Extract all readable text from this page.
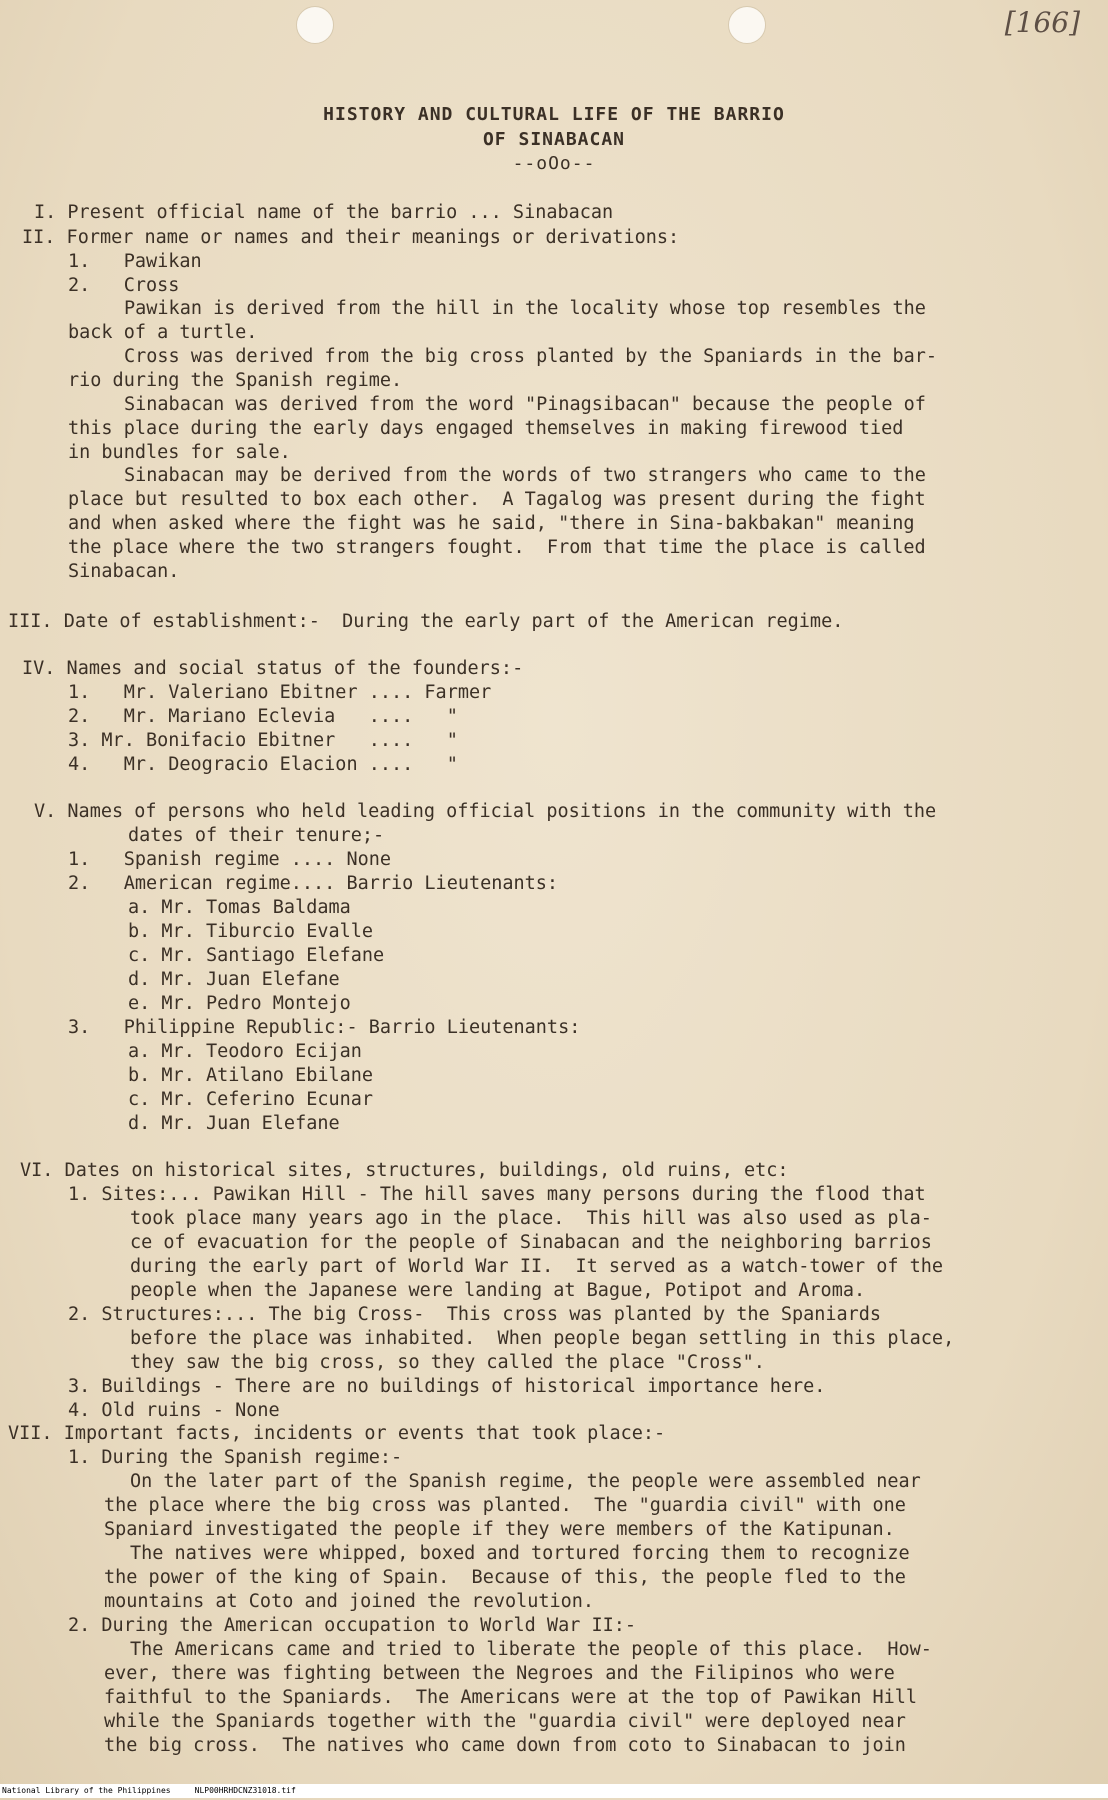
[166]
HISTORY AND CULTURAL LIFE OF THE BARRIO
OF SINABACAN
--oOo--
I. Present official name of the barrio ... Sinabacan
II. Former name or names and their meanings or derivations:
1.   Pawikan
2.   Cross
Pawikan is derived from the hill in the locality whose top resembles the
back of a turtle.
Cross was derived from the big cross planted by the Spaniards in the bar-
rio during the Spanish regime.
Sinabacan was derived from the word "Pinagsibacan" because the people of
this place during the early days engaged themselves in making firewood tied
in bundles for sale.
Sinabacan may be derived from the words of two strangers who came to the
place but resulted to box each other.  A Tagalog was present during the fight
and when asked where the fight was he said, "there in Sina-bakbakan" meaning
the place where the two strangers fought.  From that time the place is called
Sinabacan.
III. Date of establishment:-  During the early part of the American regime.
IV. Names and social status of the founders:-
1.   Mr. Valeriano Ebitner .... Farmer
2.   Mr. Mariano Eclevia   ....   "
3. Mr. Bonifacio Ebitner   ....   "
4.   Mr. Deogracio Elacion ....   "
V. Names of persons who held leading official positions in the community with the
dates of their tenure;-
1.   Spanish regime .... None
2.   American regime.... Barrio Lieutenants:
a. Mr. Tomas Baldama
b. Mr. Tiburcio Evalle
c. Mr. Santiago Elefane
d. Mr. Juan Elefane
e. Mr. Pedro Montejo
3.   Philippine Republic:- Barrio Lieutenants:
a. Mr. Teodoro Ecijan
b. Mr. Atilano Ebilane
c. Mr. Ceferino Ecunar
d. Mr. Juan Elefane
VI. Dates on historical sites, structures, buildings, old ruins, etc:
1. Sites:... Pawikan Hill - The hill saves many persons during the flood that
took place many years ago in the place.  This hill was also used as pla-
ce of evacuation for the people of Sinabacan and the neighboring barrios
during the early part of World War II.  It served as a watch-tower of the
people when the Japanese were landing at Bague, Potipot and Aroma.
2. Structures:... The big Cross-  This cross was planted by the Spaniards
before the place was inhabited.  When people began settling in this place,
they saw the big cross, so they called the place "Cross".
3. Buildings - There are no buildings of historical importance here.
4. Old ruins - None
VII. Important facts, incidents or events that took place:-
1. During the Spanish regime:-
On the later part of the Spanish regime, the people were assembled near
the place where the big cross was planted.  The "guardia civil" with one
Spaniard investigated the people if they were members of the Katipunan.
The natives were whipped, boxed and tortured forcing them to recognize
the power of the king of Spain.  Because of this, the people fled to the
mountains at Coto and joined the revolution.
2. During the American occupation to World War II:-
The Americans came and tried to liberate the people of this place.  How-
ever, there was fighting between the Negroes and the Filipinos who were
faithful to the Spaniards.  The Americans were at the top of Pawikan Hill
while the Spaniards together with the "guardia civil" were deployed near
the big cross.  The natives who came down from coto to Sinabacan to join
National Library of the Philippines     NLP00HRHDCNZ31018.tif
